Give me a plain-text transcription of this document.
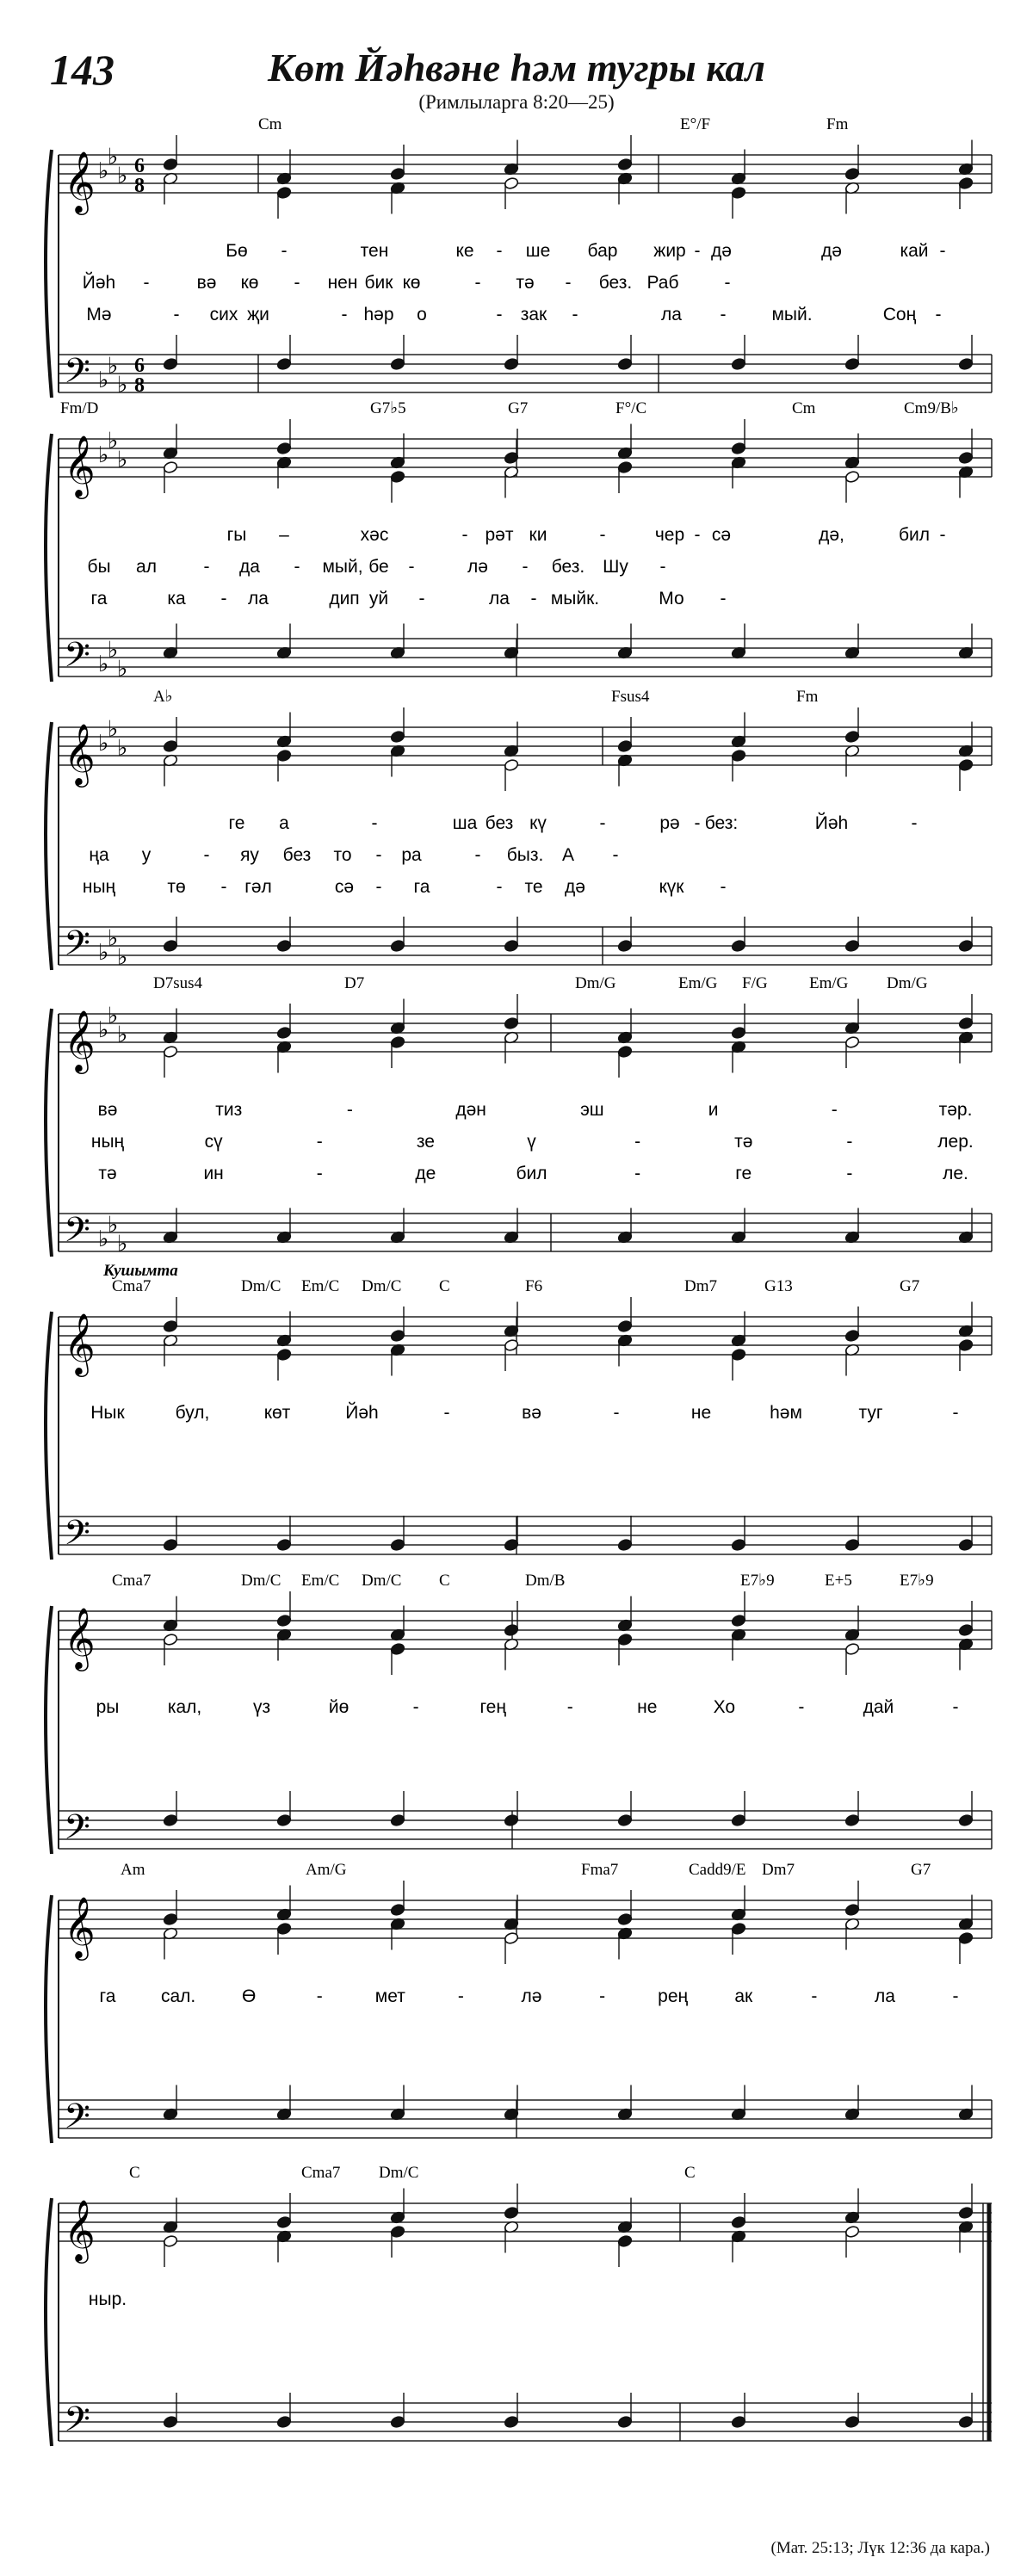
143	Көт Йәһвәне һәм тугры кал
(Римлыларга 8:20—25)
𝄞
𝄢
♭
♭
♭
♭
♭
♭
6
8
6
8
Cm	E°/F	Fm
Бө -	тен	ке - ше бар жир - дә	дә	кай -
Йәһ -	вә кө - нен бик кө	- тә - без. Раб	-
Мә	- сих җи	- һәр о	- зак -	ла -	мый.	Соң -
𝄞
𝄢
♭
♭
♭
♭
♭
♭
Fm/D	G7♭5	G7	F°/C	Cm	Cm9/B♭
гы –	хәс	- рәт ки	-	чер - сә	дә,	бил -
бы ал	- да - мый, бе -	лә - без. Шу -
га	ка - ла	дип уй -	ла - мыйк.	Мо -
𝄞
𝄢
♭
♭
♭
♭
♭
♭
A♭	Fsus4	Fm
ге а	-	ша без кү	-	рә - без:	Йәһ	-
ңа у	- яу без то - ра	- быз. А -
ның	тө - гәл	сә - га	- те дә	күк -
𝄞
𝄢
♭
♭
♭
♭
♭
♭
D7sus4	D7	Dm/G	Em/G F/G	Em/G Dm/G
вә	тиз	-	дән	эш	и	-	тәр.
ның	сү	-	зе	ү	-	тә	-	лер.
тә	ин	-	де	бил	-	ге	-	ле.
𝄞
𝄢
Кушымта
Cma7	Dm/C Em/C Dm/C C	F6	Dm7	G13	G7
Нык	бул,	көт	Йәһ	-	вә	-	не	һәм	туг	-
𝄞
𝄢
Cma7	Dm/C Em/C Dm/C C	Dm/B	E7♭9	E+5	E7♭9
ры	кал,	үз	йө	-	гең	-	не	Хо	-	дай	-
𝄞
𝄢
Am	Am/G	Fma7	Cadd9/E Dm7	G7
га сал.	Ө	-	мет	-	лә	-	рең	ак	-	ла	-
𝄞
𝄢
C	Cma7 Dm/C	C
ныр.
(Мат. 25:13; Лүк 12:36 да кара.)
